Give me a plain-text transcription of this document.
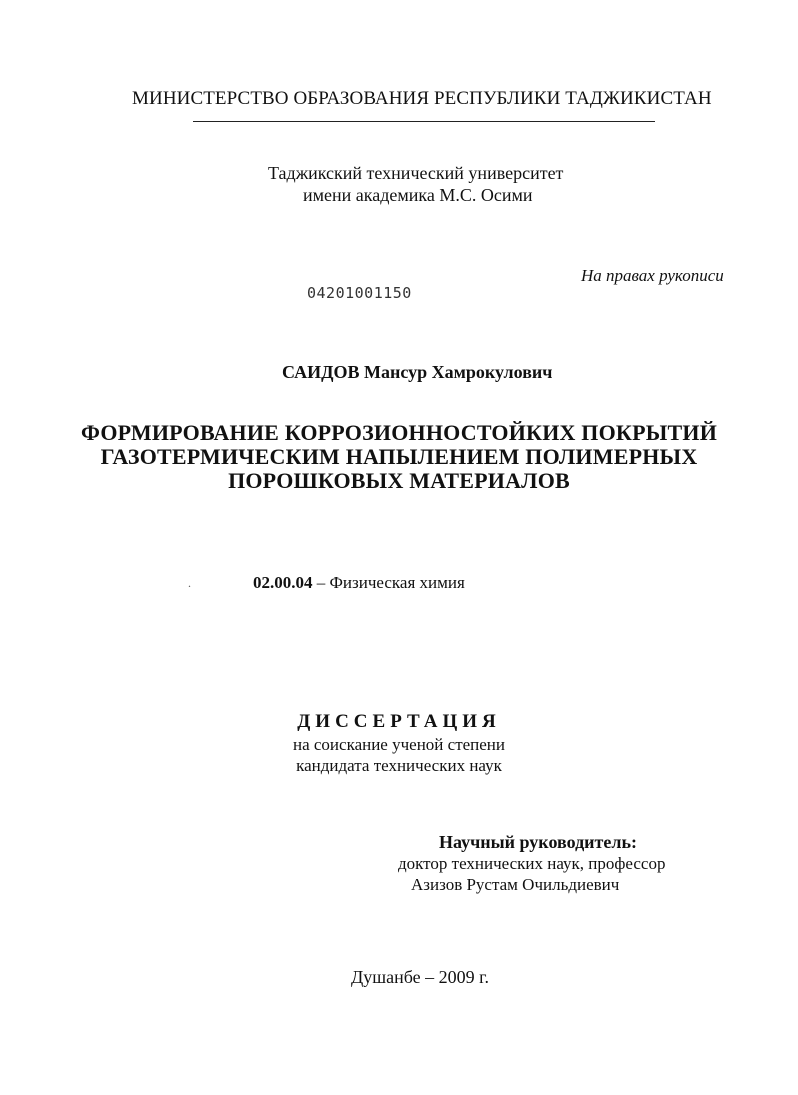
МИНИСТЕРСТВО ОБРАЗОВАНИЯ РЕСПУБЛИКИ ТАДЖИКИСТАН
Таджикский технический университет
имени академика М.С. Осими
На правах рукописи
04201001150
САИДОВ Мансур Хамрокулович
ФОРМИРОВАНИЕ КОРРОЗИОННОСТОЙКИХ ПОКРЫТИЙ
ГАЗОТЕРМИЧЕСКИМ НАПЫЛЕНИЕМ ПОЛИМЕРНЫХ
ПОРОШКОВЫХ МАТЕРИАЛОВ
.	02.00.04 – Физическая химия
ДИССЕРТАЦИЯ
на соискание ученой степени
кандидата технических наук
Научный руководитель:
доктор технических наук, профессор
Азизов Рустам Очильдиевич
Душанбе – 2009 г.
